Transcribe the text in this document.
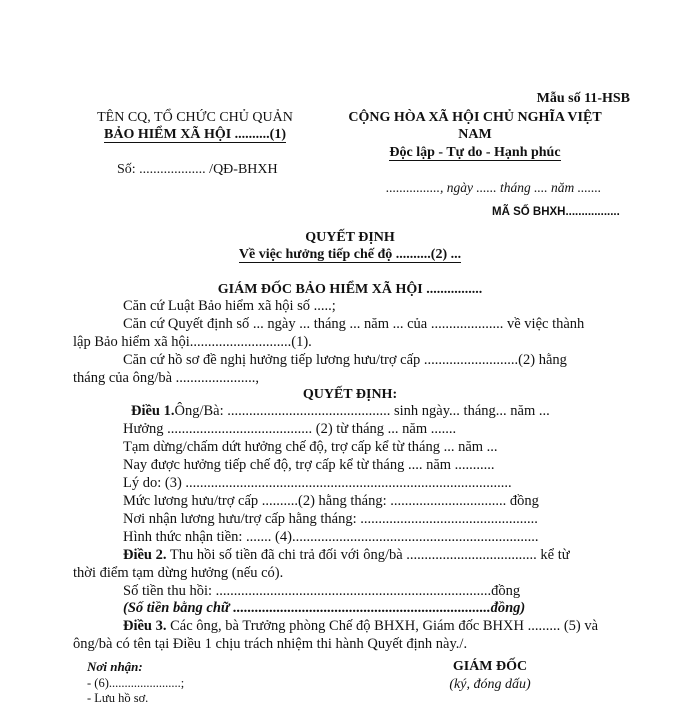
Mẫu số 11-HSB
TÊN CQ, TỔ CHỨC CHỦ QUẢN
BẢO HIỂM XÃ HỘI ..........(1)
Số: ................... /QĐ-BHXH
CỘNG HÒA XÃ HỘI CHỦ NGHĨA VIỆT
NAM
Độc lập - Tự do - Hạnh phúc
................, ngày ...... tháng .... năm .......
MÃ SỐ BHXH.................
QUYẾT ĐỊNH
Về việc hưởng tiếp chế độ ..........(2) ...
GIÁM ĐỐC BẢO HIỂM XÃ HỘI ................
Căn cứ Luật Bảo hiểm xã hội số .....;
Căn cứ Quyết định số ... ngày ... tháng ... năm ... của .................... về việc thành
lập Bảo hiểm xã hội............................(1).
Căn cứ hồ sơ đề nghị hưởng tiếp lương hưu/trợ cấp ..........................(2) hằng
tháng của ông/bà ......................,
QUYẾT ĐỊNH:
Điều 1.Ông/Bà: ............................................. sinh ngày... tháng... năm ...
Hưởng ........................................ (2) từ tháng ... năm .......
Tạm dừng/chấm dứt hưởng chế độ, trợ cấp kể từ tháng ... năm ...
Nay được hưởng tiếp chế độ, trợ cấp kể từ tháng .... năm ...........
Lý do: (3) ..........................................................................................
Mức lương hưu/trợ cấp ..........(2) hằng tháng: ................................ đồng
Nơi nhận lương hưu/trợ cấp hằng tháng: .................................................
Hình thức nhận tiền: ....... (4)....................................................................
Điều 2. Thu hồi số tiền đã chi trả đối với ông/bà .................................... kể từ
thời điểm tạm dừng hưởng (nếu có).
Số tiền thu hồi: ............................................................................đồng
(Số tiền bằng chữ .......................................................................đồng)
Điều 3. Các ông, bà Trưởng phòng Chế độ BHXH, Giám đốc BHXH ......... (5) và
ông/bà có tên tại Điều 1 chịu trách nhiệm thi hành Quyết định này./.
Nơi nhận:
- (6).......................;
- Lưu hồ sơ.
GIÁM ĐỐC
(ký, đóng dấu)
